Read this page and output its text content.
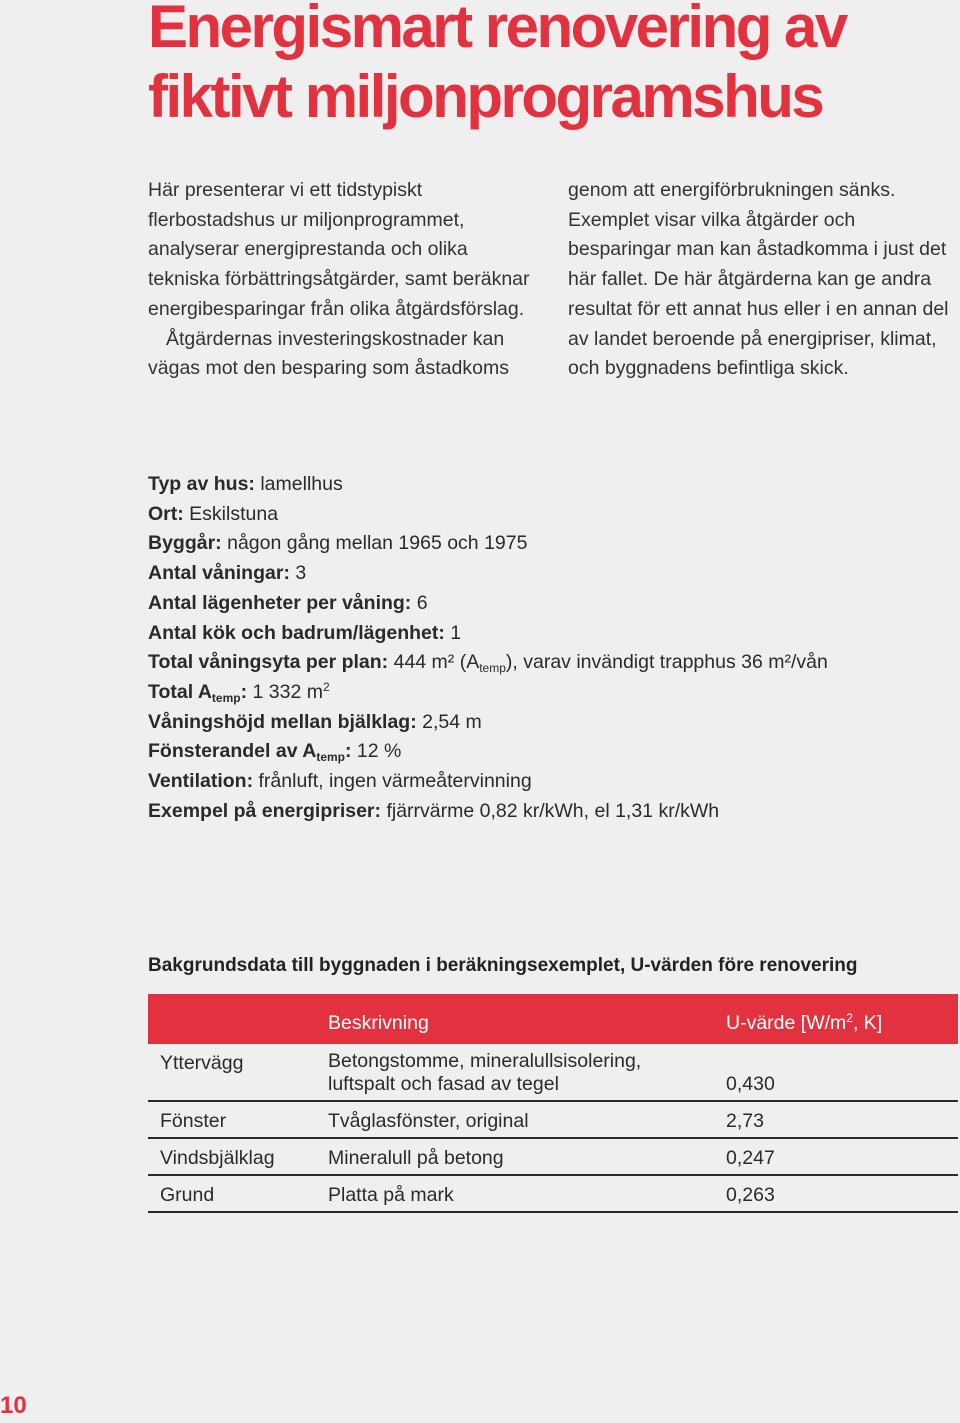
Energismart renovering av fiktivt miljonprogramshus

Här presenterar vi ett tidstypiskt flerbostadshus ur miljonprogrammet, analyserar energiprestanda och olika tekniska förbättringsåtgärder, samt beräknar energibesparingar från olika åtgärdsförslag.

Åtgärdernas investeringskostnader kan vägas mot den besparing som åstadkoms

genom att energiförbrukningen sänks. Exemplet visar vilka åtgärder och besparingar man kan åstadkomma i just det här fallet. De här åtgärderna kan ge andra resultat för ett annat hus eller i en annan del av landet beroende på energipriser, klimat, och byggnadens befintliga skick.

Typ av hus: lamellhus
Ort: Eskilstuna
Byggår: någon gång mellan 1965 och 1975
Antal våningar: 3
Antal lägenheter per våning: 6
Antal kök och badrum/lägenhet: 1
Total våningsyta per plan: 444 m² $(A_{temp})$, varav invändigt trapphus 36 m²/vån
Total $A_{temp}$: 1 332 $m^2$
Våningshöjd mellan bjälklag: 2,54 m
Fönsterandel av $A_{temp}$: 12 %
Ventilation: frånluft, ingen värmeåtervinning
Exempel på energipriser: fjärrvärme 0,82 kr/kWh, el 1,31 kr/kWh
Bakgrundsdata till byggnaden i beräkningsexemplet, U-värden före renovering
	Beskrivning	U-värde [$W/m^2$, K]
Yttervägg	Betongstomme, mineralullsisolering,
luftspalt och fasad av tegel	0,430
Fönster	Tvåglasfönster, original	2,73
Vindsbjälklag	Mineralull på betong	0,247
Grund	Platta på mark	0,263

10
